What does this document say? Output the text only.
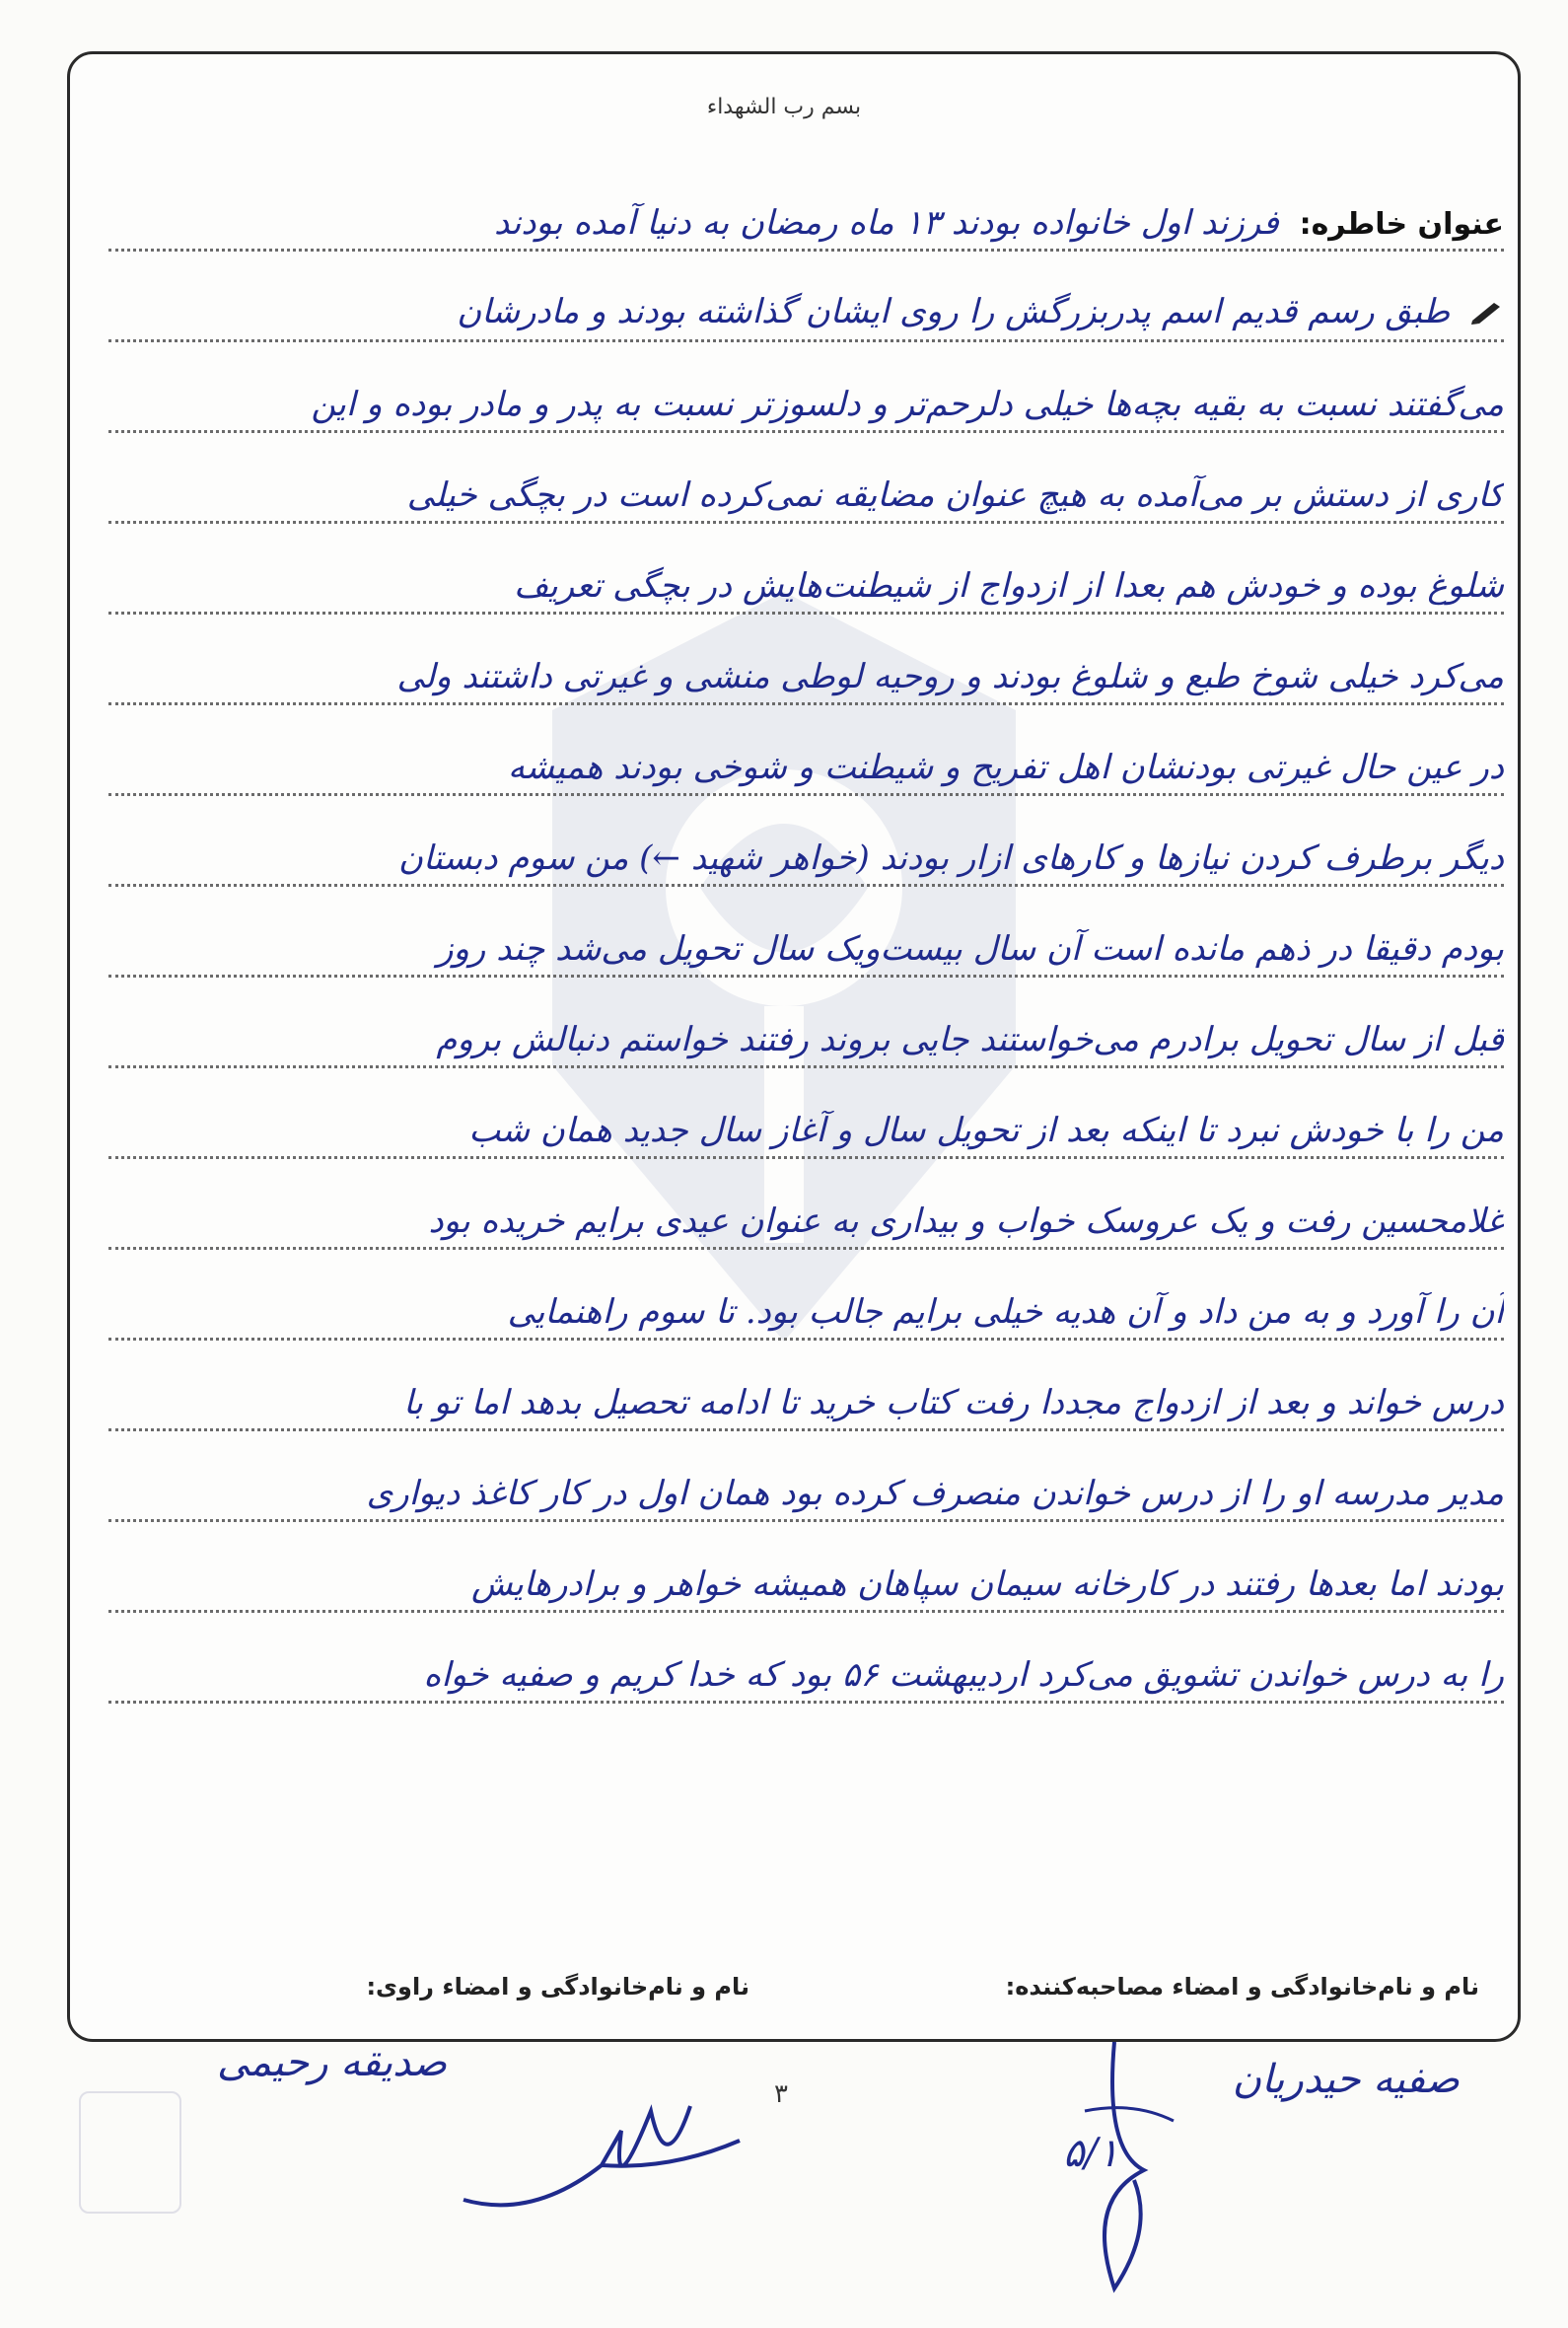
بسم رب الشهداء
عنوان خاطره: فرزند اول خانواده بودند ۱۳ ماه رمضان به دنیا آمده بودند
طبق رسم قدیم اسم پدربزرگش را روی ایشان گذاشته بودند و مادرشان
می‌گفتند نسبت به بقیه بچه‌ها خیلی دلرحم‌تر و دلسوزتر نسبت به پدر و مادر بوده و این
کاری از دستش بر می‌آمده به هیچ عنوان مضایقه نمی‌کرده است در بچگی خیلی
شلوغ بوده و خودش هم بعدا از ازدواج از شیطنت‌هایش در بچگی تعریف
می‌کرد خیلی شوخ طبع و شلوغ بودند و روحیه لوطی منشی و غیرتی داشتند ولی
در عین حال غیرتی بودنشان اهل تفریح و شیطنت و شوخی بودند همیشه
دیگر برطرف کردن نیازها و کارهای ازار بودند (خواهر شهید ←) من سوم دبستان
بودم دقیقا در ذهم مانده است آن سال بیست‌ویک سال تحویل می‌شد چند روز
قبل از سال تحویل برادرم می‌خواستند جایی بروند رفتند خواستم دنبالش بروم
من را با خودش نبرد تا اینکه بعد از تحویل سال و آغاز سال جدید همان شب
غلامحسین رفت و یک عروسک خواب و بیداری به عنوان عیدی برایم خریده بود
آن را آورد و به من داد و آن هدیه خیلی برایم جالب بود. تا سوم راهنمایی
درس خواند و بعد از ازدواج مجددا رفت کتاب خرید تا ادامه تحصیل بدهد اما تو با
مدیر مدرسه او را از درس خواندن منصرف کرده بود همان اول در کار کاغذ دیواری
بودند اما بعدها رفتند در کارخانه سیمان سپاهان همیشه خواهر و برادرهایش
را به درس خواندن تشویق می‌کرد اردیبهشت ۵۶ بود که خدا کریم و صفیه خواه
نام و نام‌خانوادگی و امضاء مصاحبه‌کننده:
نام و نام‌خانوادگی و امضاء راوی:
صفیه حیدریان
صدیقه رحیمی
۵/۱
۳
